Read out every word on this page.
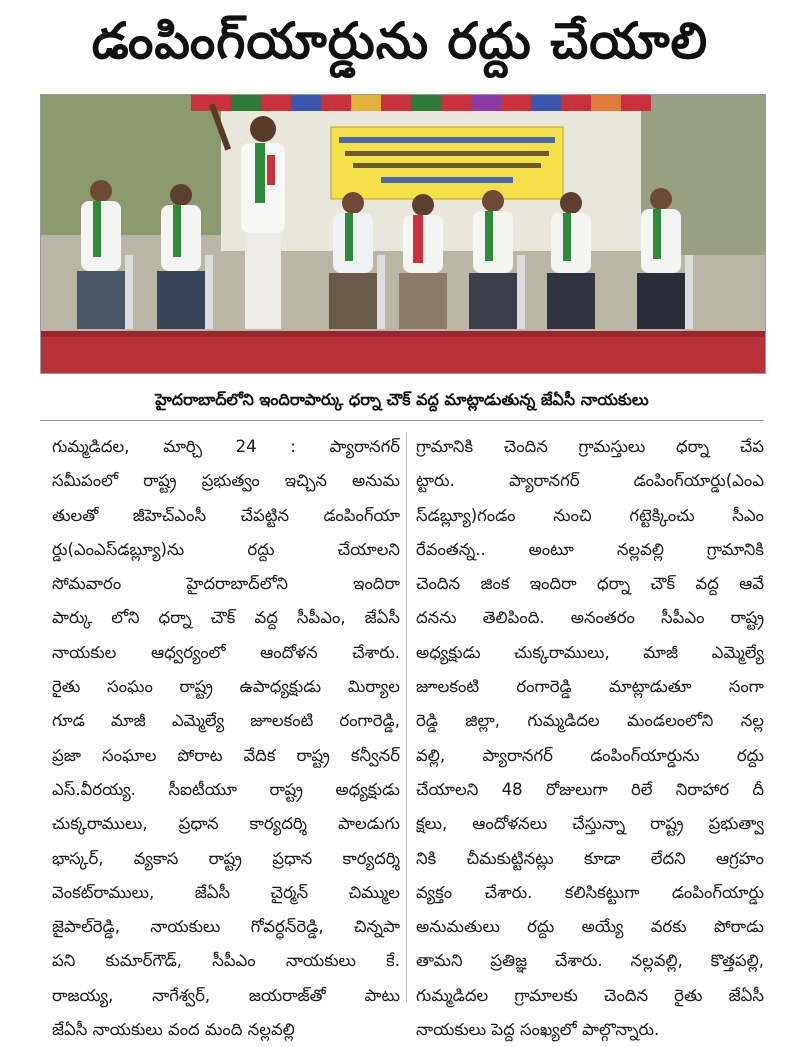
డంపింగ్‌యార్డును రద్దు చేయాలి
హైదరాబాద్‌లోని ఇందిరాపార్కు ధర్నా చౌక్ వద్ద మాట్లాడుతున్న జేఏసీ నాయకులు
గుమ్మడిదల, మార్చి 24 : ప్యారానగర్
సమీపంలో రాష్ట్ర ప్రభుత్వం ఇచ్చిన అనుమ
తులతో జీహెచ్ఎంసీ చేపట్టిన డంపింగ్‌యా
ర్డు(ఎంఎస్‌డబ్ల్యూ)ను రద్దు చేయాలని
సోమవారం హైదరాబాద్‌లోని ఇందిరా
పార్కు లోని ధర్నా చౌక్ వద్ద సీపీఎం, జేఏసీ
నాయకుల ఆధ్వర్యంలో ఆందోళన చేశారు.
రైతు సంఘం రాష్ట్ర ఉపాధ్యక్షుడు మిర్యాల
గూడ మాజీ ఎమ్మెల్యే జూలకంటి రంగారెడ్డి,
ప్రజా సంఘాల పోరాట వేదిక రాష్ట్ర కన్వీనర్
ఎస్.వీరయ్య. సీఐటీయూ రాష్ట్ర అధ్యక్షుడు
చుక్కరాములు, ప్రధాన కార్యదర్శి పాలడుగు
భాస్కర్, వ్యకాస రాష్ట్ర ప్రధాన కార్యదర్శి
వెంకట్‌రాములు, జేఏసీ చైర్మన్ చిమ్ముల
జైపాల్‌రెడ్డి, నాయకులు గోవర్ధన్‌రెడ్డి, చిన్నపా
పని కుమార్‌గౌడ్, సీపీఎం నాయకులు కే.
రాజయ్య, నాగేశ్వర్, జయరాజ్‌తో పాటు
జేఏసీ నాయకులు వంద మంది నల్లవల్లి
గ్రామానికి చెందిన గ్రామస్తులు ధర్నా చేప
ట్టారు. ప్యారానగర్ డంపింగ్‌యార్డు(ఎంఎ
స్‌డబ్ల్యూ)గండం నుంచి గట్టెక్కించు సీఎం
రేవంతన్న.. అంటూ నల్లవల్లి గ్రామానికి
చెందిన జింక ఇందిరా ధర్నా చౌక్ వద్ద ఆవే
దనను తెలిపింది. అనంతరం సీపీఎం రాష్ట్ర
అధ్యక్షుడు చుక్కరాములు, మాజీ ఎమ్మెల్యే
జూలకంటి రంగారెడ్డి మాట్లాడుతూ సంగా
రెడ్డి జిల్లా, గుమ్మడిదల మండలంలోని నల్ల
వల్లి, ప్యారానగర్ డంపింగ్‌యార్డును రద్దు
చేయాలని 48 రోజులుగా రిలే నిరాహార దీ
క్షలు, ఆందోళనలు చేస్తున్నా రాష్ట్ర ప్రభుత్వా
నికి చీమకుట్టినట్లు కూడా లేదని ఆగ్రహం
వ్యక్తం చేశారు. కలిసికట్టుగా డంపింగ్‌యార్డు
అనుమతులు రద్దు అయ్యే వరకు పోరాడు
తామని ప్రతిజ్ఞ చేశారు. నల్లవల్లి, కొత్తపల్లి,
గుమ్మడిదల గ్రామాలకు చెందిన రైతు జేఏసీ
నాయకులు పెద్ద సంఖ్యలో పాల్గొన్నారు.
